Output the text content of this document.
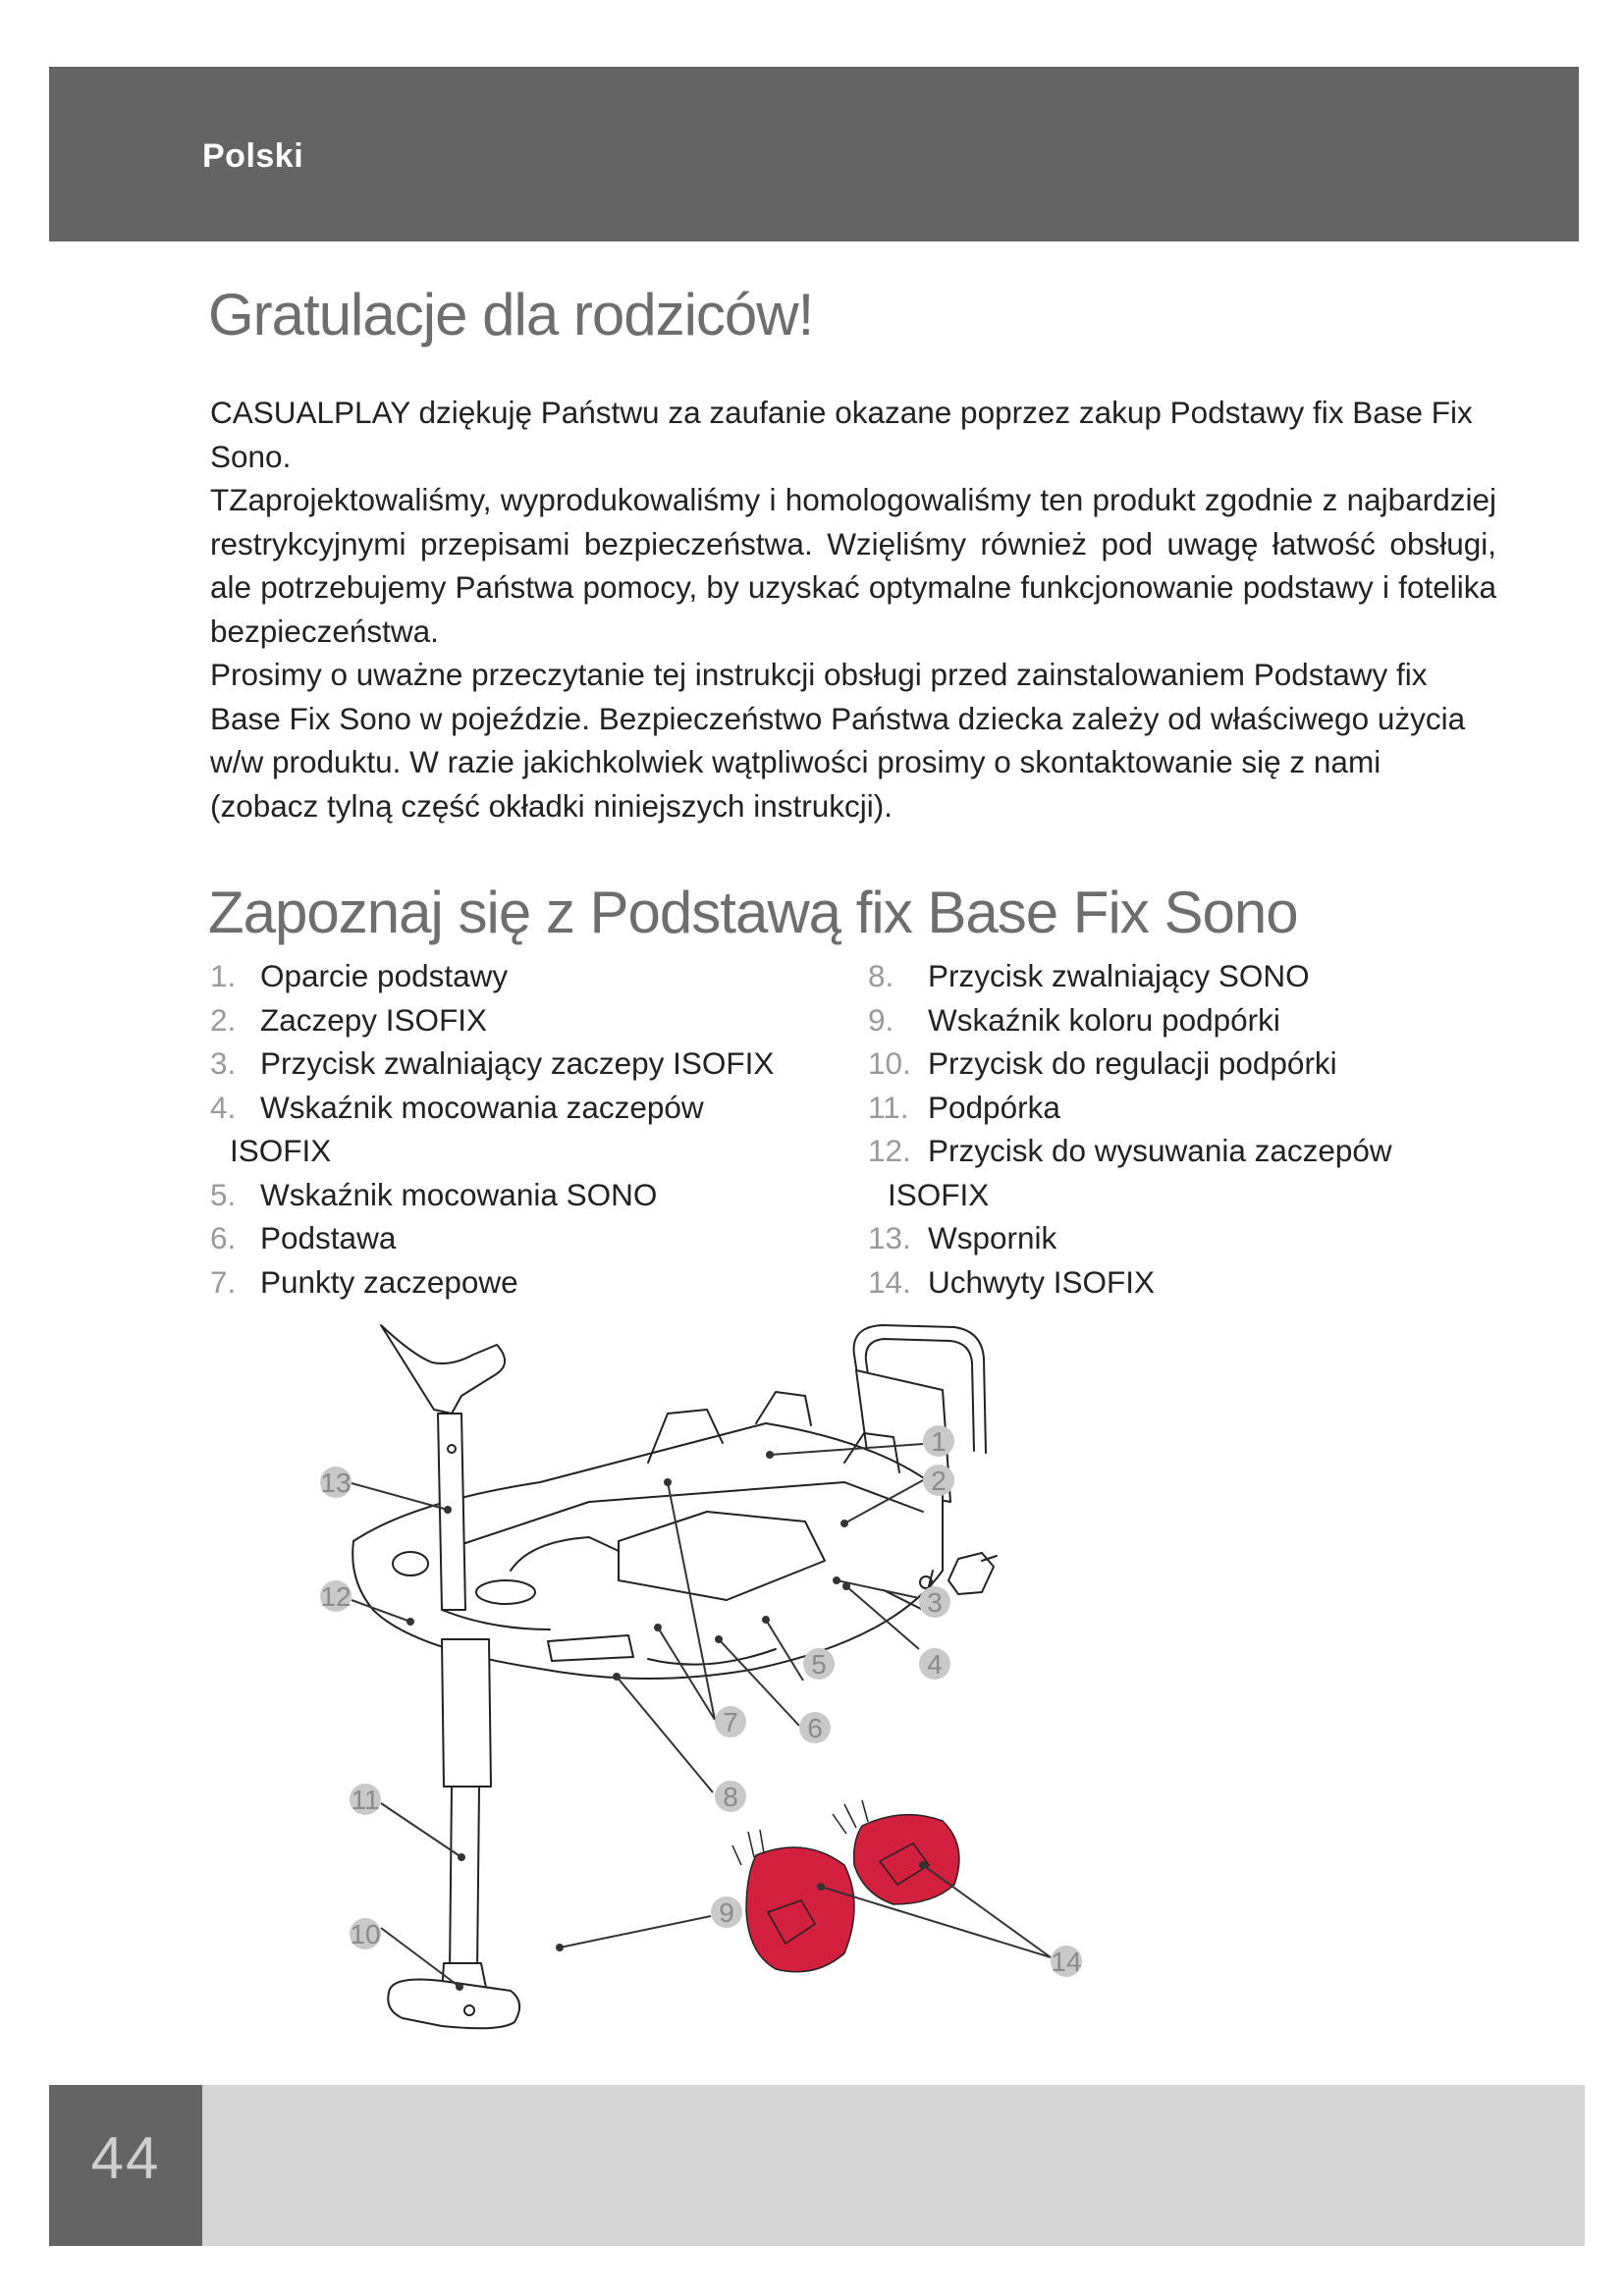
Polski
Gratulacje dla rodziców!

CASUALPLAY dziękuję Państwu za zaufanie okazane poprzez zakup Podstawy fix Base Fix Sono.

TZaprojektowaliśmy, wyprodukowaliśmy i homologowaliśmy ten produkt zgodnie z najbardziej restrykcyjnymi przepisami bezpieczeństwa. Wzięliśmy również pod uwagę łatwość obsługi, ale potrzebujemy Państwa pomocy, by uzyskać optymalne funkcjonowanie podstawy i fotelika bezpieczeństwa.

Prosimy o uważne przeczytanie tej instrukcji obsługi przed zainstalowaniem Podstawy fix Base Fix Sono w pojeździe. Bezpieczeństwo Państwa dziecka zależy od właściwego użycia w/w produktu. W razie jakichkolwiek wątpliwości prosimy o skontaktowanie się z nami (zobacz tylną część okładki niniejszych instrukcji).

Zapoznaj się z Podstawą fix Base Fix Sono
1. Oparcie podstawy
2. Zaczepy ISOFIX
3. Przycisk zwalniający zaczepy ISOFIX
4. Wskaźnik mocowania zaczepów
ISOFIX
5. Wskaźnik mocowania SONO
6. Podstawa
7. Punkty zaczepowe
8. Przycisk zwalniający SONO
9. Wskaźnik koloru podpórki
10. Przycisk do regulacji podpórki
11. Podpórka
12. Przycisk do wysuwania zaczepów
ISOFIX
13. Wspornik
14. Uchwyty ISOFIX
1
2
3
4
5
6
7
8
9
10
11
12
13
14
44
